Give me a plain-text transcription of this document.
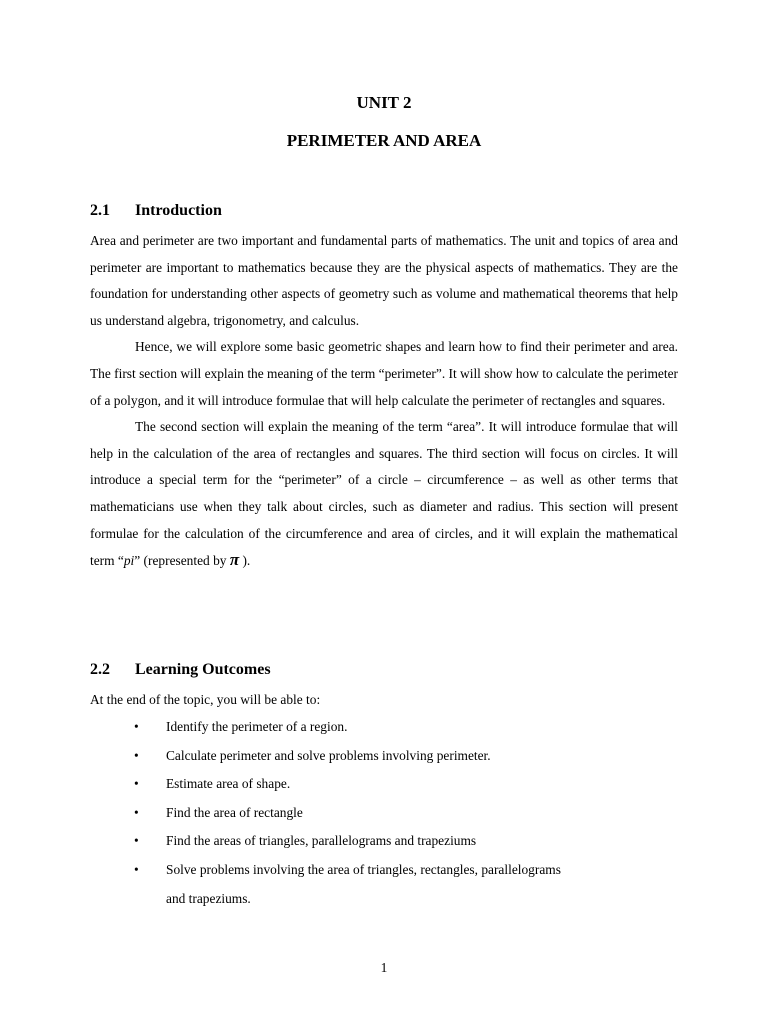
UNIT 2
PERIMETER AND AREA
2.1 Introduction

Area and perimeter are two important and fundamental parts of mathematics. The unit and topics of area and perimeter are important to mathematics because they are the physical aspects of mathematics. They are the foundation for understanding other aspects of geometry such as volume and mathematical theorems that help us understand algebra, trigonometry, and calculus.

Hence, we will explore some basic geometric shapes and learn how to find their perimeter and area. The first section will explain the meaning of the term “perimeter”. It will show how to calculate the perimeter of a polygon, and it will introduce formulae that will help calculate the perimeter of rectangles and squares.

The second section will explain the meaning of the term “area”. It will introduce formulae that will help in the calculation of the area of rectangles and squares. The third section will focus on circles. It will introduce a special term for the “perimeter” of a circle – circumference – as well as other terms that mathematicians use when they talk about circles, such as diameter and radius. This section will present formulae for the calculation of the circumference and area of circles, and it will explain the mathematical term “pi” (represented by π ).

2.2 Learning Outcomes
At the end of the topic, you will be able to:
• Identify the perimeter of a region.
• Calculate perimeter and solve problems involving perimeter.
• Estimate area of shape.
• Find the area of rectangle
• Find the areas of triangles, parallelograms and trapeziums
• Solve problems involving the area of triangles, rectangles, parallelograms
and trapeziums.
1
